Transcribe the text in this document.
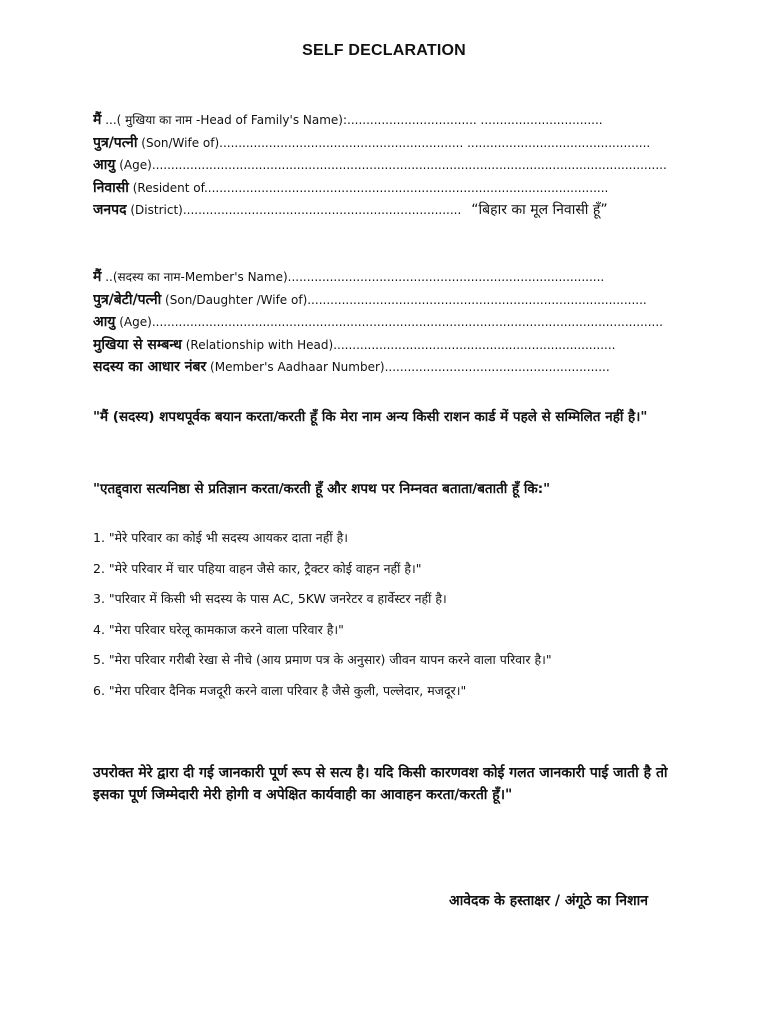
SELF DECLARATION
मैं ...( मुखिया का नाम -Head of Family's Name):.................................. ................................
पुत्र/पत्नी (Son/Wife of)................................................................ ................................................
आयु (Age).......................................................................................................................................
निवासी (Resident of..........................................................................................................
जनपद (District)......................................................................... “बिहार का मूल निवासी हूँ”
मैं ..(सदस्य का नाम-Member's Name)...................................................................................
पुत्र/बेटी/पत्नी (Son/Daughter /Wife of).........................................................................................
आयु (Age)......................................................................................................................................
मुखिया से सम्बन्ध (Relationship with Head)..........................................................................
सदस्य का आधार नंबर (Member's Aadhaar Number)...........................................................
"मैं (सदस्य) शपथपूर्वक बयान करता/करती हूँ कि मेरा नाम अन्य किसी राशन कार्ड में पहले से सम्मिलित नहीं है।"
"एतद्द्वारा सत्यनिष्ठा से प्रतिज्ञान करता/करती हूँ और शपथ पर निम्नवत बताता/बताती हूँ कि:"
1. "मेरे परिवार का कोई भी सदस्य आयकर दाता नहीं है।
2. "मेरे परिवार में चार पहिया वाहन जैसे कार, ट्रैक्टर कोई वाहन नहीं है।"
3. "परिवार में किसी भी सदस्य के पास AC, 5KW जनरेटर व हार्वेस्टर नहीं है।
4. "मेरा परिवार घरेलू कामकाज करने वाला परिवार है।"
5. "मेरा परिवार गरीबी रेखा से नीचे (आय प्रमाण पत्र के अनुसार) जीवन यापन करने वाला परिवार है।"
6. "मेरा परिवार दैनिक मजदूरी करने वाला परिवार है जैसे कुली, पल्लेदार, मजदूर।"
उपरोक्त मेरे द्वारा दी गई जानकारी पूर्ण रूप से सत्य है। यदि किसी कारणवश कोई गलत जानकारी पाई जाती है तो इसका पूर्ण जिम्मेदारी मेरी होगी व अपेक्षित कार्यवाही का आवाहन करता/करती हूँ।"
आवेदक के हस्ताक्षर / अंगूठे का निशान
